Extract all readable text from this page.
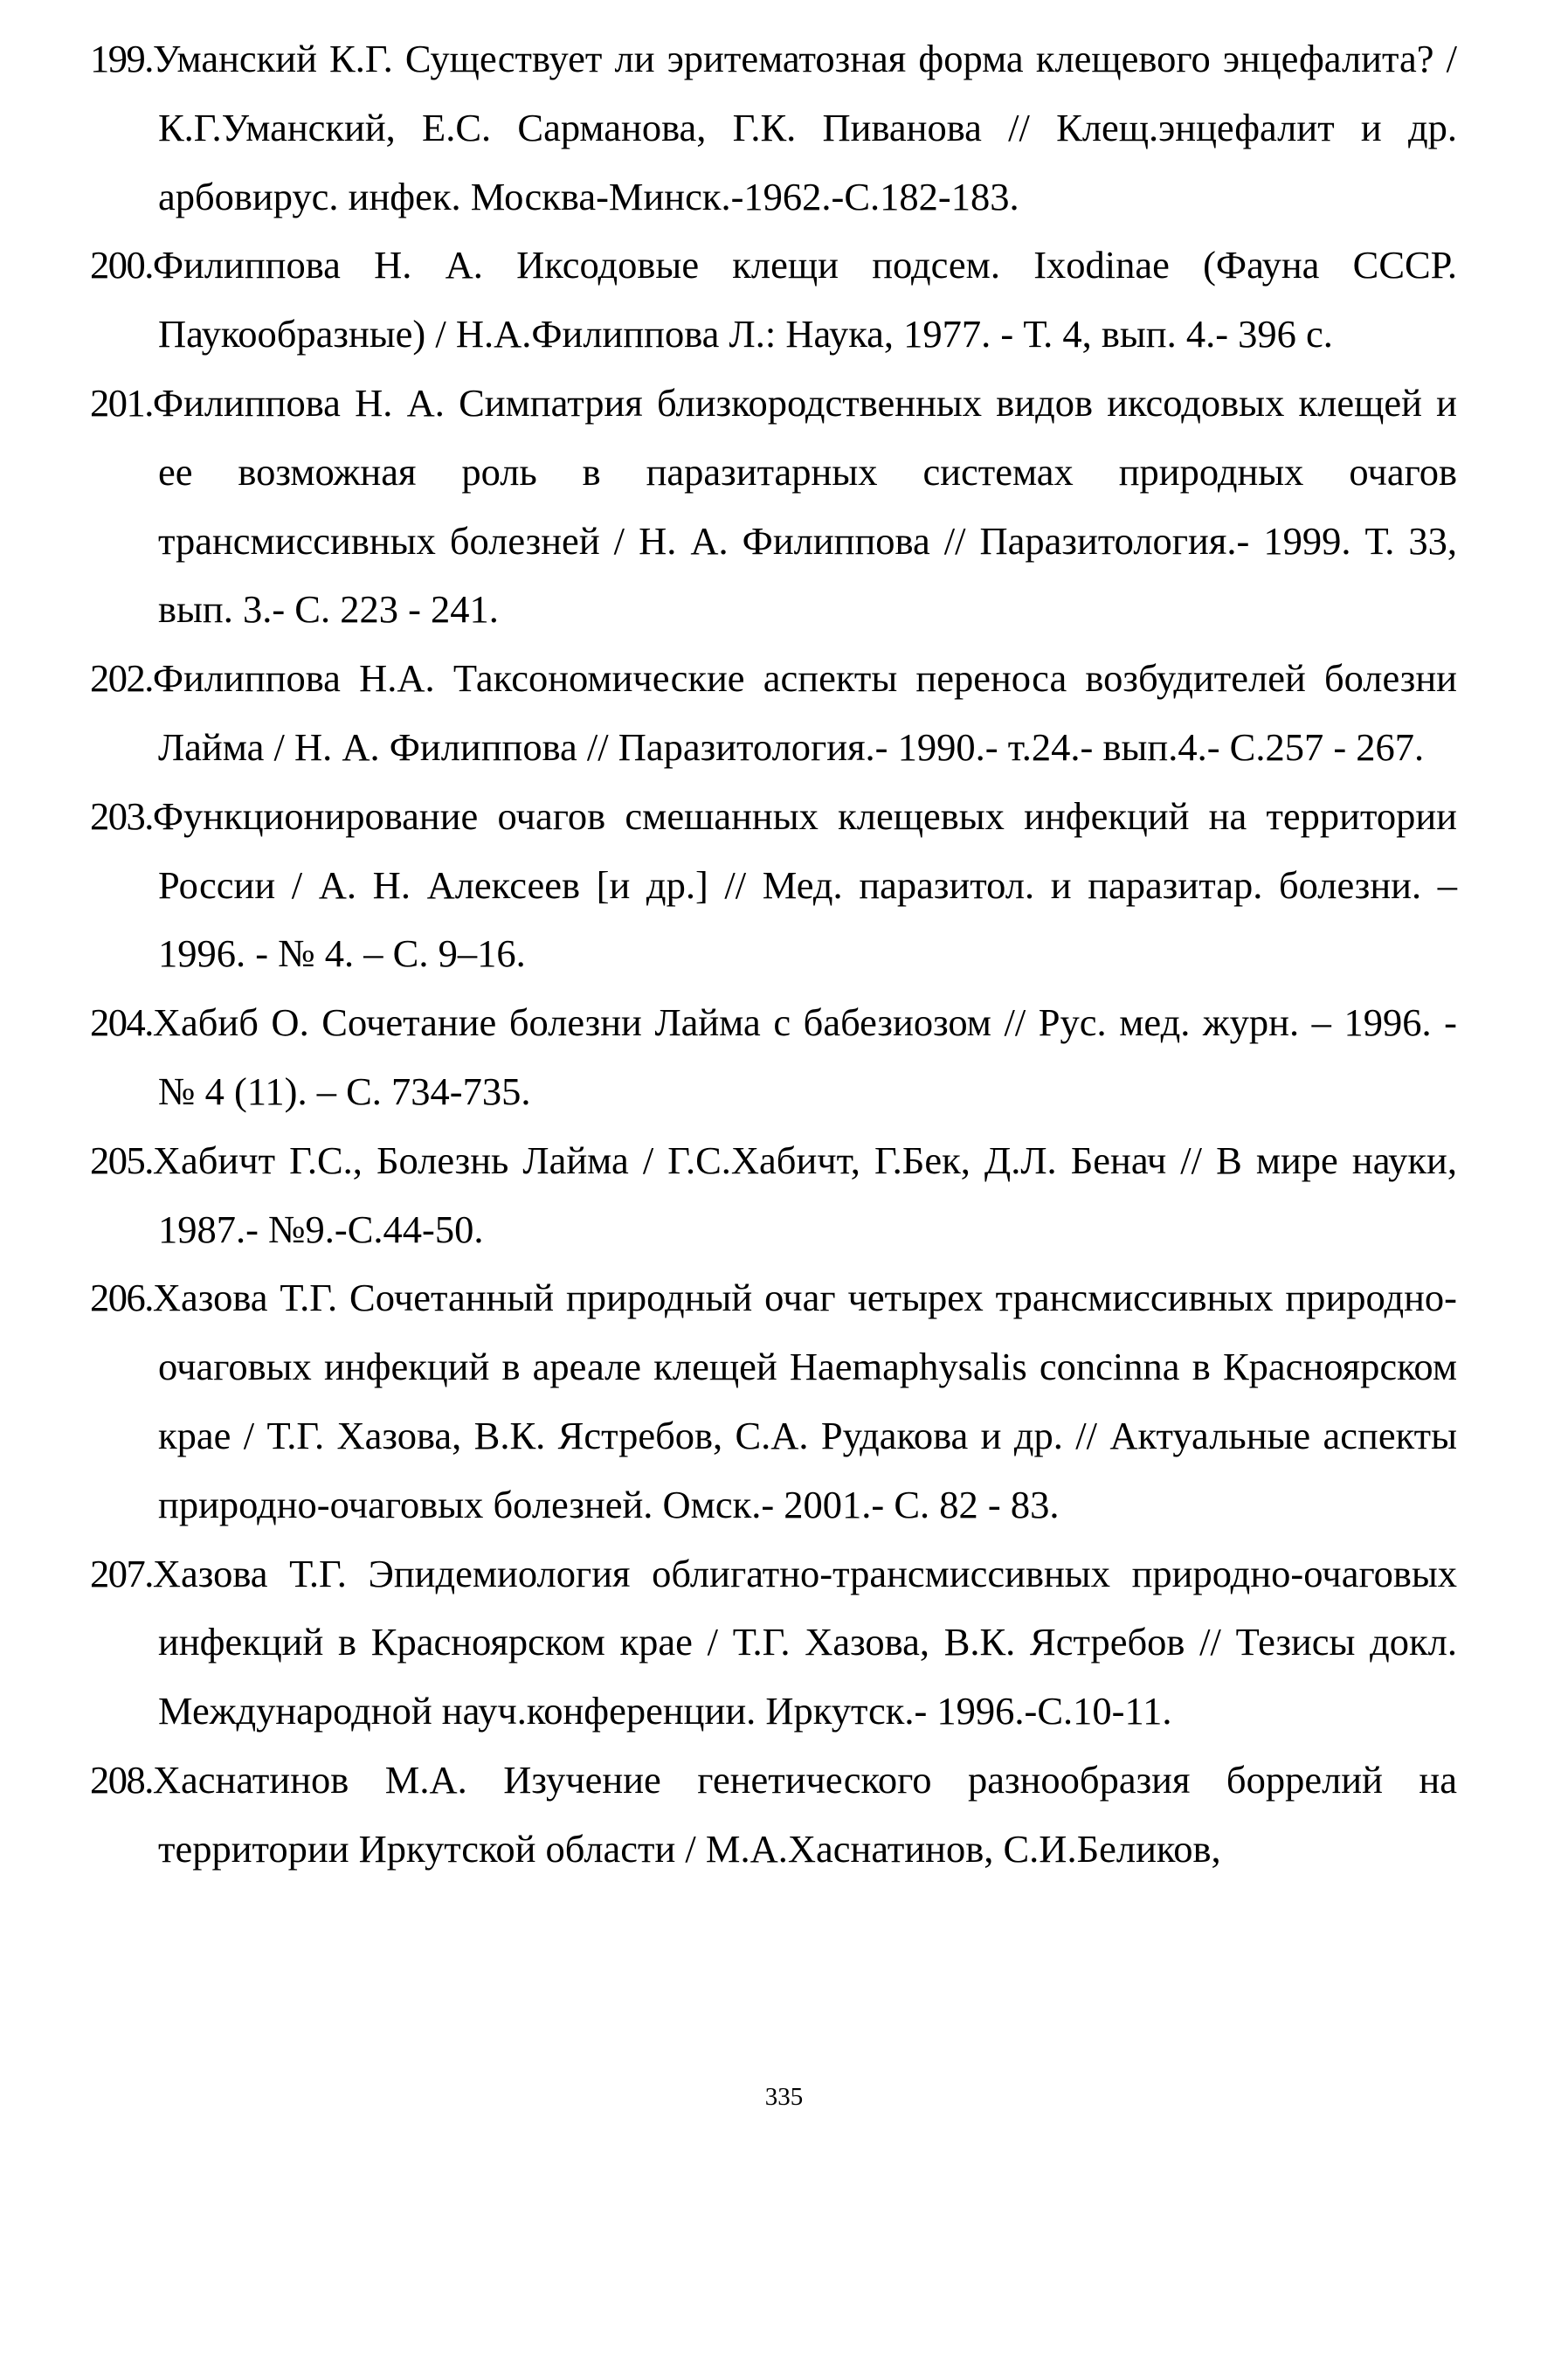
199.Уманский К.Г. Существует ли эритематозная форма клещевого энцефалита? / К.Г.Уманский, Е.С. Сарманова, Г.К. Пиванова // Клещ.энцефалит и др. арбовирус. инфек. Москва-Минск.-1962.-С.182-183.
200.Филиппова Н. А. Иксодовые клещи подсем. Ixodinae (Фауна СССР. Паукообразные) / Н.А.Филиппова Л.: Наука, 1977. - Т. 4, вып. 4.- 396 с.
201.Филиппова Н. А. Симпатрия близкородственных видов иксодовых клещей и ее возможная роль в паразитарных системах природных очагов трансмиссивных болезней / Н. А. Филиппова // Паразитология.- 1999. Т. 33, вып. 3.- С. 223 - 241.
202.Филиппова Н.А. Таксономические аспекты переноса возбудителей болезни Лайма / Н. А. Филиппова // Паразитология.- 1990.- т.24.- вып.4.- С.257 - 267.
203.Функционирование очагов смешанных клещевых инфекций на территории России / А. Н. Алексеев [и др.] // Мед. паразитол. и паразитар. болезни. – 1996. - № 4. – С. 9–16.
204.Хабиб О. Сочетание болезни Лайма с бабезиозом // Рус. мед. журн. – 1996. - № 4 (11). – С. 734-735.
205.Хабичт Г.С., Болезнь Лайма / Г.С.Хабичт, Г.Бек, Д.Л. Бенач // В мире науки, 1987.- №9.-С.44-50.
206.Хазова Т.Г. Сочетанный природный очаг четырех трансмиссивных природно-очаговых инфекций в ареале клещей Haemaphysalis concinna в Красноярском крае / Т.Г. Хазова, В.К. Ястребов, С.А. Рудакова и др. // Актуальные аспекты природно-очаговых болезней. Омск.- 2001.- С. 82 - 83.
207.Хазова Т.Г. Эпидемиология облигатно-трансмиссивных природно-очаговых инфекций в Красноярском крае / Т.Г. Хазова, В.К. Ястребов // Тезисы докл. Международной науч.конференции. Иркутск.- 1996.-С.10-11.
208.Хаснатинов М.А. Изучение генетического разнообразия боррелий на территории Иркутской области / М.А.Хаснатинов, С.И.Беликов,
335
